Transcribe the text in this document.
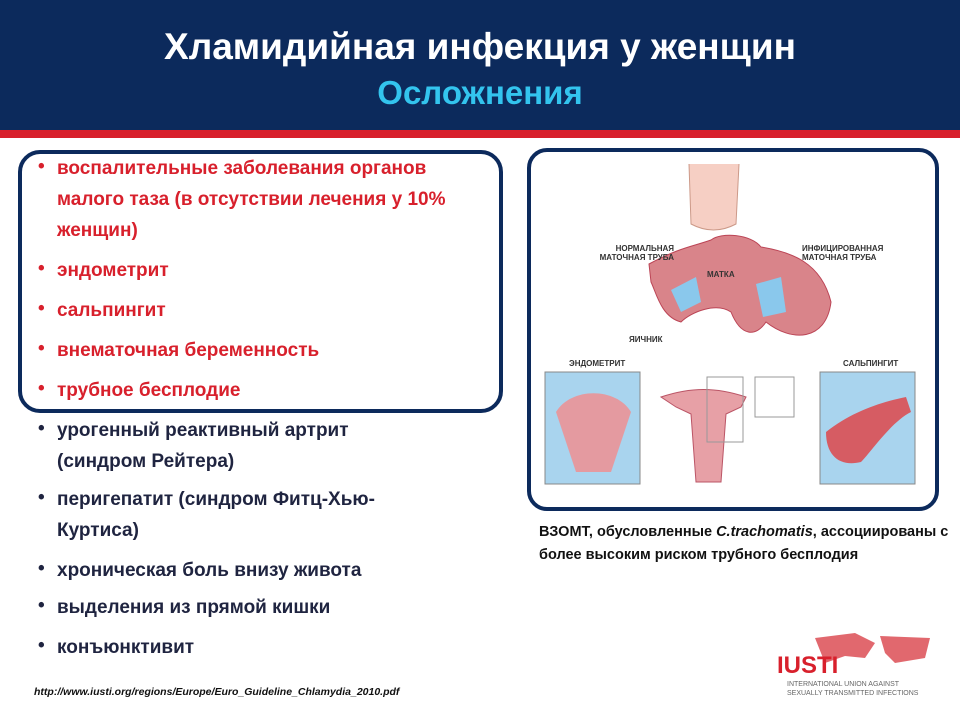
Хламидийная инфекция у женщин
Осложнения
• воспалительные заболевания органов малого таза (в отсутствии лечения у 10% женщин)
• эндометрит
• сальпингит
• внематочная беременность
• трубное бесплодие
• урогенный реактивный артрит (синдром Рейтера)
• перигепатит (синдром Фитц-Хью-Куртиса)
• хроническая боль внизу живота
• выделения из прямой кишки
• конъюнктивит
НОРМАЛЬНАЯ МАТОЧНАЯ ТРУБА
ИНФИЦИРОВАННАЯ МАТОЧНАЯ ТРУБА
МАТКА
ЯИЧНИК
ЭНДОМЕТРИТ	САЛЬПИНГИТ
ВЗОМТ, обусловленные C.trachomatis, ассоциированы с более высоким риском трубного бесплодия
http://www.iusti.org/regions/Europe/Euro_Guideline_Chlamydia_2010.pdf
IUSTI
INTERNATIONAL UNION AGAINST
SEXUALLY TRANSMITTED INFECTIONS
